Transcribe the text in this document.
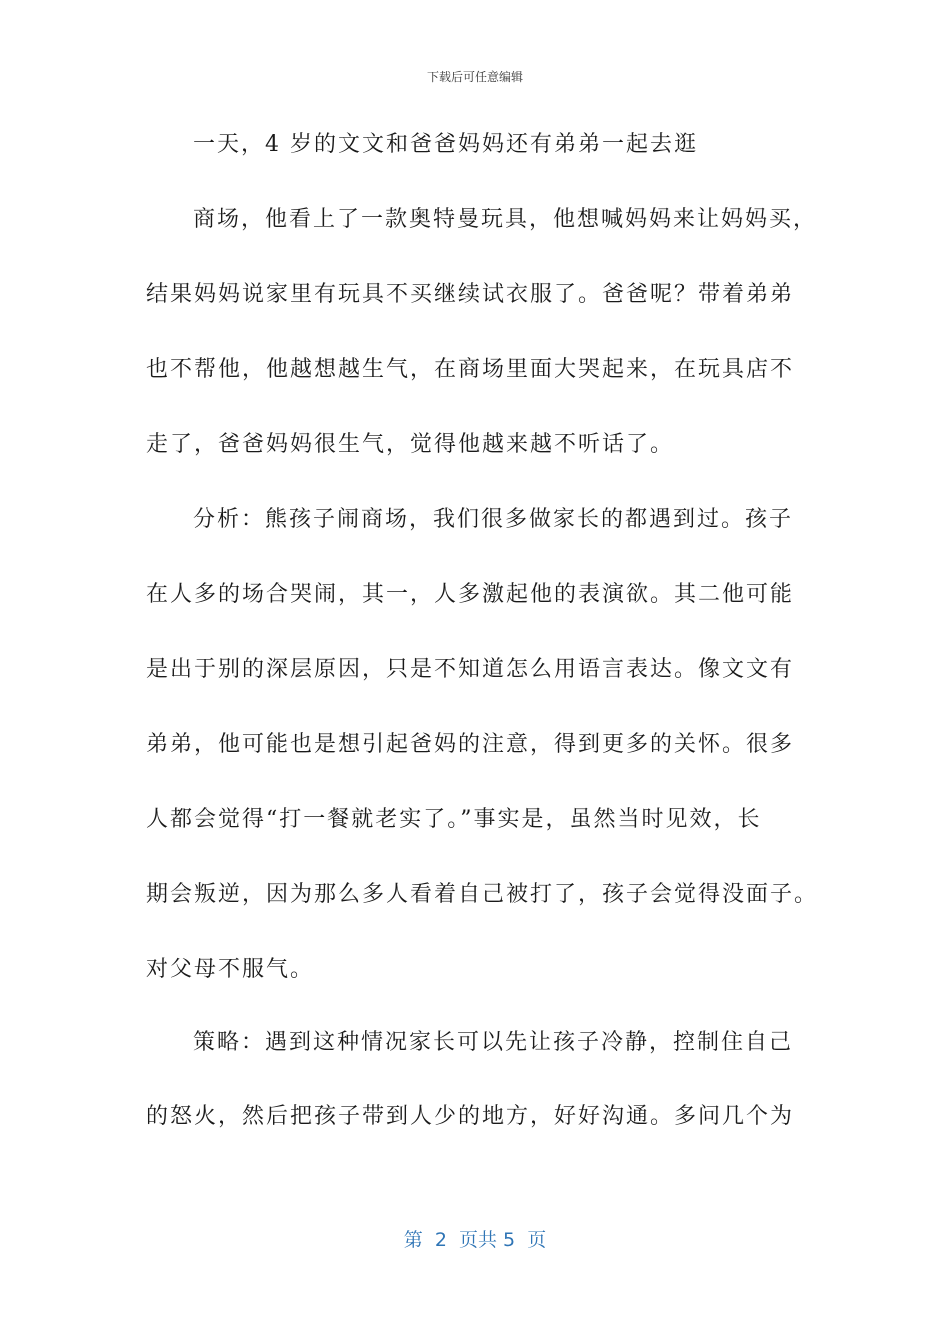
下载后可任意编辑
一天，4 岁的文文和爸爸妈妈还有弟弟一起去逛
商场，他看上了一款奥特曼玩具，他想喊妈妈来让妈妈买，
结果妈妈说家里有玩具不买继续试衣服了。爸爸呢？带着弟弟
也不帮他，他越想越生气，在商场里面大哭起来，在玩具店不
走了，爸爸妈妈很生气，觉得他越来越不听话了。
分析：熊孩子闹商场，我们很多做家长的都遇到过。孩子
在人多的场合哭闹，其一，人多激起他的表演欲。其二他可能
是出于别的深层原因，只是不知道怎么用语言表达。像文文有
弟弟，他可能也是想引起爸妈的注意，得到更多的关怀。很多
人都会觉得“打一餐就老实了。”事实是，虽然当时见效，长
期会叛逆，因为那么多人看着自己被打了，孩子会觉得没面子。
对父母不服气。
策略：遇到这种情况家长可以先让孩子冷静，控制住自己
的怒火，然后把孩子带到人少的地方，好好沟通。多问几个为
第  2  页共 5  页
